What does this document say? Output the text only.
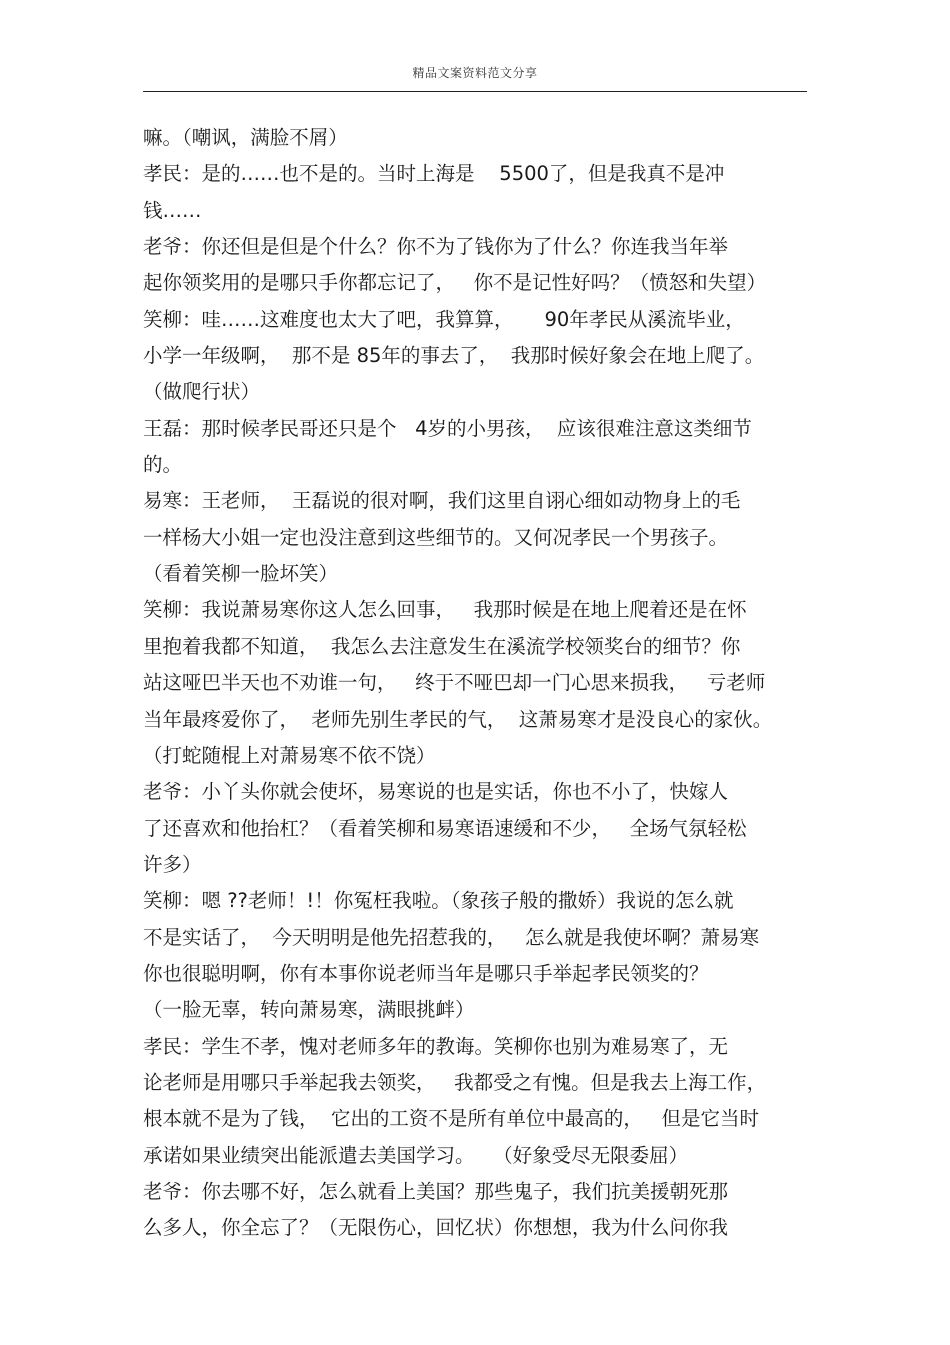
精品文案资料范文分享
嘛。（嘲讽，满脸不屑）
孝民：是的……也不是的。当时上海是    5500了，但是我真不是冲
钱……
老爷：你还但是但是个什么？你不为了钱你为了什么？你连我当年举
起你领奖用的是哪只手你都忘记了，   你不是记性好吗？（愤怒和失望）
笑柳：哇……这难度也太大了吧，我算算，     90年孝民从溪流毕业，
小学一年级啊，  那不是 85年的事去了，  我那时候好象会在地上爬了。
（做爬行状）
王磊：那时候孝民哥还只是个   4岁的小男孩，  应该很难注意这类细节
的。
易寒：王老师，  王磊说的很对啊，我们这里自诩心细如动物身上的毛
一样杨大小姐一定也没注意到这些细节的。又何况孝民一个男孩子。
（看着笑柳一脸坏笑）
笑柳：我说萧易寒你这人怎么回事，   我那时候是在地上爬着还是在怀
里抱着我都不知道，  我怎么去注意发生在溪流学校领奖台的细节？你
站这哑巴半天也不劝谁一句，   终于不哑巴却一门心思来损我，   亏老师
当年最疼爱你了，  老师先别生孝民的气，  这萧易寒才是没良心的家伙。
（打蛇随棍上对萧易寒不依不饶）
老爷：小丫头你就会使坏，易寒说的也是实话，你也不小了，快嫁人
了还喜欢和他抬杠？（看着笑柳和易寒语速缓和不少，   全场气氛轻松
许多）
笑柳：嗯 ??老师！!！你冤枉我啦。（象孩子般的撒娇）我说的怎么就
不是实话了，  今天明明是他先招惹我的，   怎么就是我使坏啊？萧易寒
你也很聪明啊，你有本事你说老师当年是哪只手举起孝民领奖的？
（一脸无辜，转向萧易寒，满眼挑衅）
孝民：学生不孝，愧对老师多年的教诲。笑柳你也别为难易寒了，无
论老师是用哪只手举起我去领奖，   我都受之有愧。但是我去上海工作，
根本就不是为了钱，  它出的工资不是所有单位中最高的，   但是它当时
承诺如果业绩突出能派遣去美国学习。   （好象受尽无限委屈）
老爷：你去哪不好，怎么就看上美国？那些鬼子，我们抗美援朝死那
么多人，你全忘了？（无限伤心，回忆状）你想想，我为什么问你我
